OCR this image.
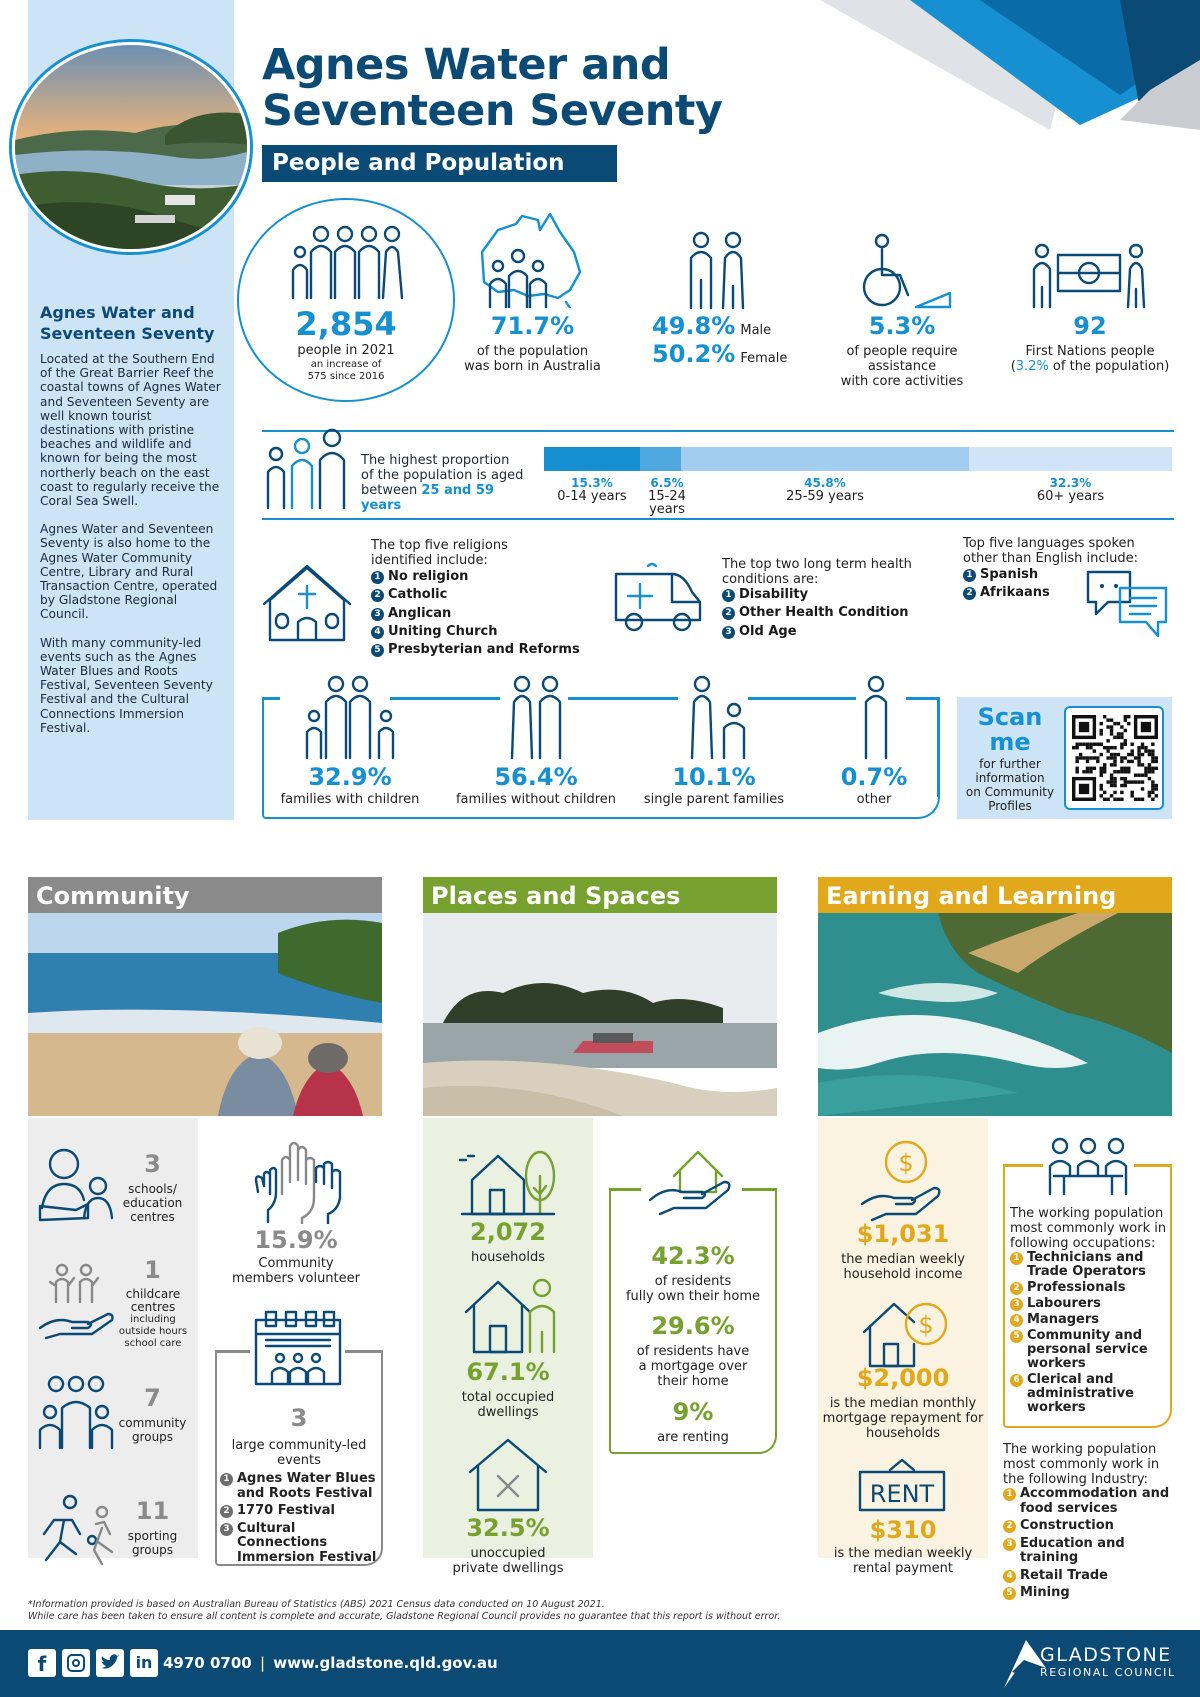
Agnes Water and
Seventeen Seventy

Located at the Southern End of the Great Barrier Reef the coastal towns of Agnes Water and Seventeen Seventy are well known tourist destinations with pristine beaches and wildlife and known for being the most northerly beach on the east coast to regularly receive the Coral Sea Swell.

Agnes Water and Seventeen Seventy is also home to the Agnes Water Community Centre, Library and Rural Transaction Centre, operated by Gladstone Regional Council.

With many community-led events such as the Agnes Water Blues and Roots Festival, Seventeen Seventy Festival and the Cultural Connections Immersion Festival.

Agnes Water and
Seventeen Seventy
People and Population
2,854
people in 2021
an increase of
575 since 2016
71.7%
of the population
was born in Australia
49.8% Male
50.2% Female
5.3%
of people require
assistance
with core activities
92
First Nations people
(3.2% of the population)
The highest proportion
of the population is aged
between 25 and 59 years
15.3%
0-14 years
6.5%
15-24
years
45.8%
25-59 years
32.3%
60+ years
The top five religions
identified include:
1 No religion
2 Catholic
3 Anglican
4 Uniting Church
5 Presbyterian and Reforms
The top two long term health
conditions are:
1 Disability
2 Other Health Condition
3 Old Age
Top five languages spoken
other than English include:
1 Spanish
2 Afrikaans
32.9%
families with children
56.4%
families without children
10.1%
single parent families
0.7%
other
Scan
me
for further
information
on Community
Profiles
Community
3
schools/
education
centres
1
childcare
centres
including
outside hours
school care
7
community
groups
11
sporting
groups
15.9%
Community
members volunteer
3
large community-led
events
1 Agnes Water Blues
and Roots Festival
2 1770 Festival
3 Cultural Connections
Immersion Festival
Places and Spaces
2,072
households
67.1%
total occupied
dwellings
32.5%
unoccupied
private dwellings
42.3%
of residents
fully own their home
29.6%
of residents have
a mortgage over
their home
9%
are renting
Earning and Learning
$
$1,031
the median weekly
household income
$
$2,000
is the median monthly
mortgage repayment for
households
RENT
$310
is the median weekly
rental payment
The working population
most commonly work in
following occupations:
1 Technicians and
Trade Operators
2 Professionals
3 Labourers
4 Managers
5 Community and
personal service
workers
6 Clerical and
administrative
workers
The working population
most commonly work in
the following Industry:
1 Accommodation and
food services
2 Construction
3 Education and training
4 Retail Trade
5 Mining
*Information provided is based on Australian Bureau of Statistics (ABS) 2021 Census data conducted on 10 August 2021.
While care has been taken to ensure all content is complete and accurate, Gladstone Regional Council provides no guarantee that this report is without error.
f	in 4970 0700 | www.gladstone.qld.gov.au	GLADSTONE
REGIONAL COUNCIL
